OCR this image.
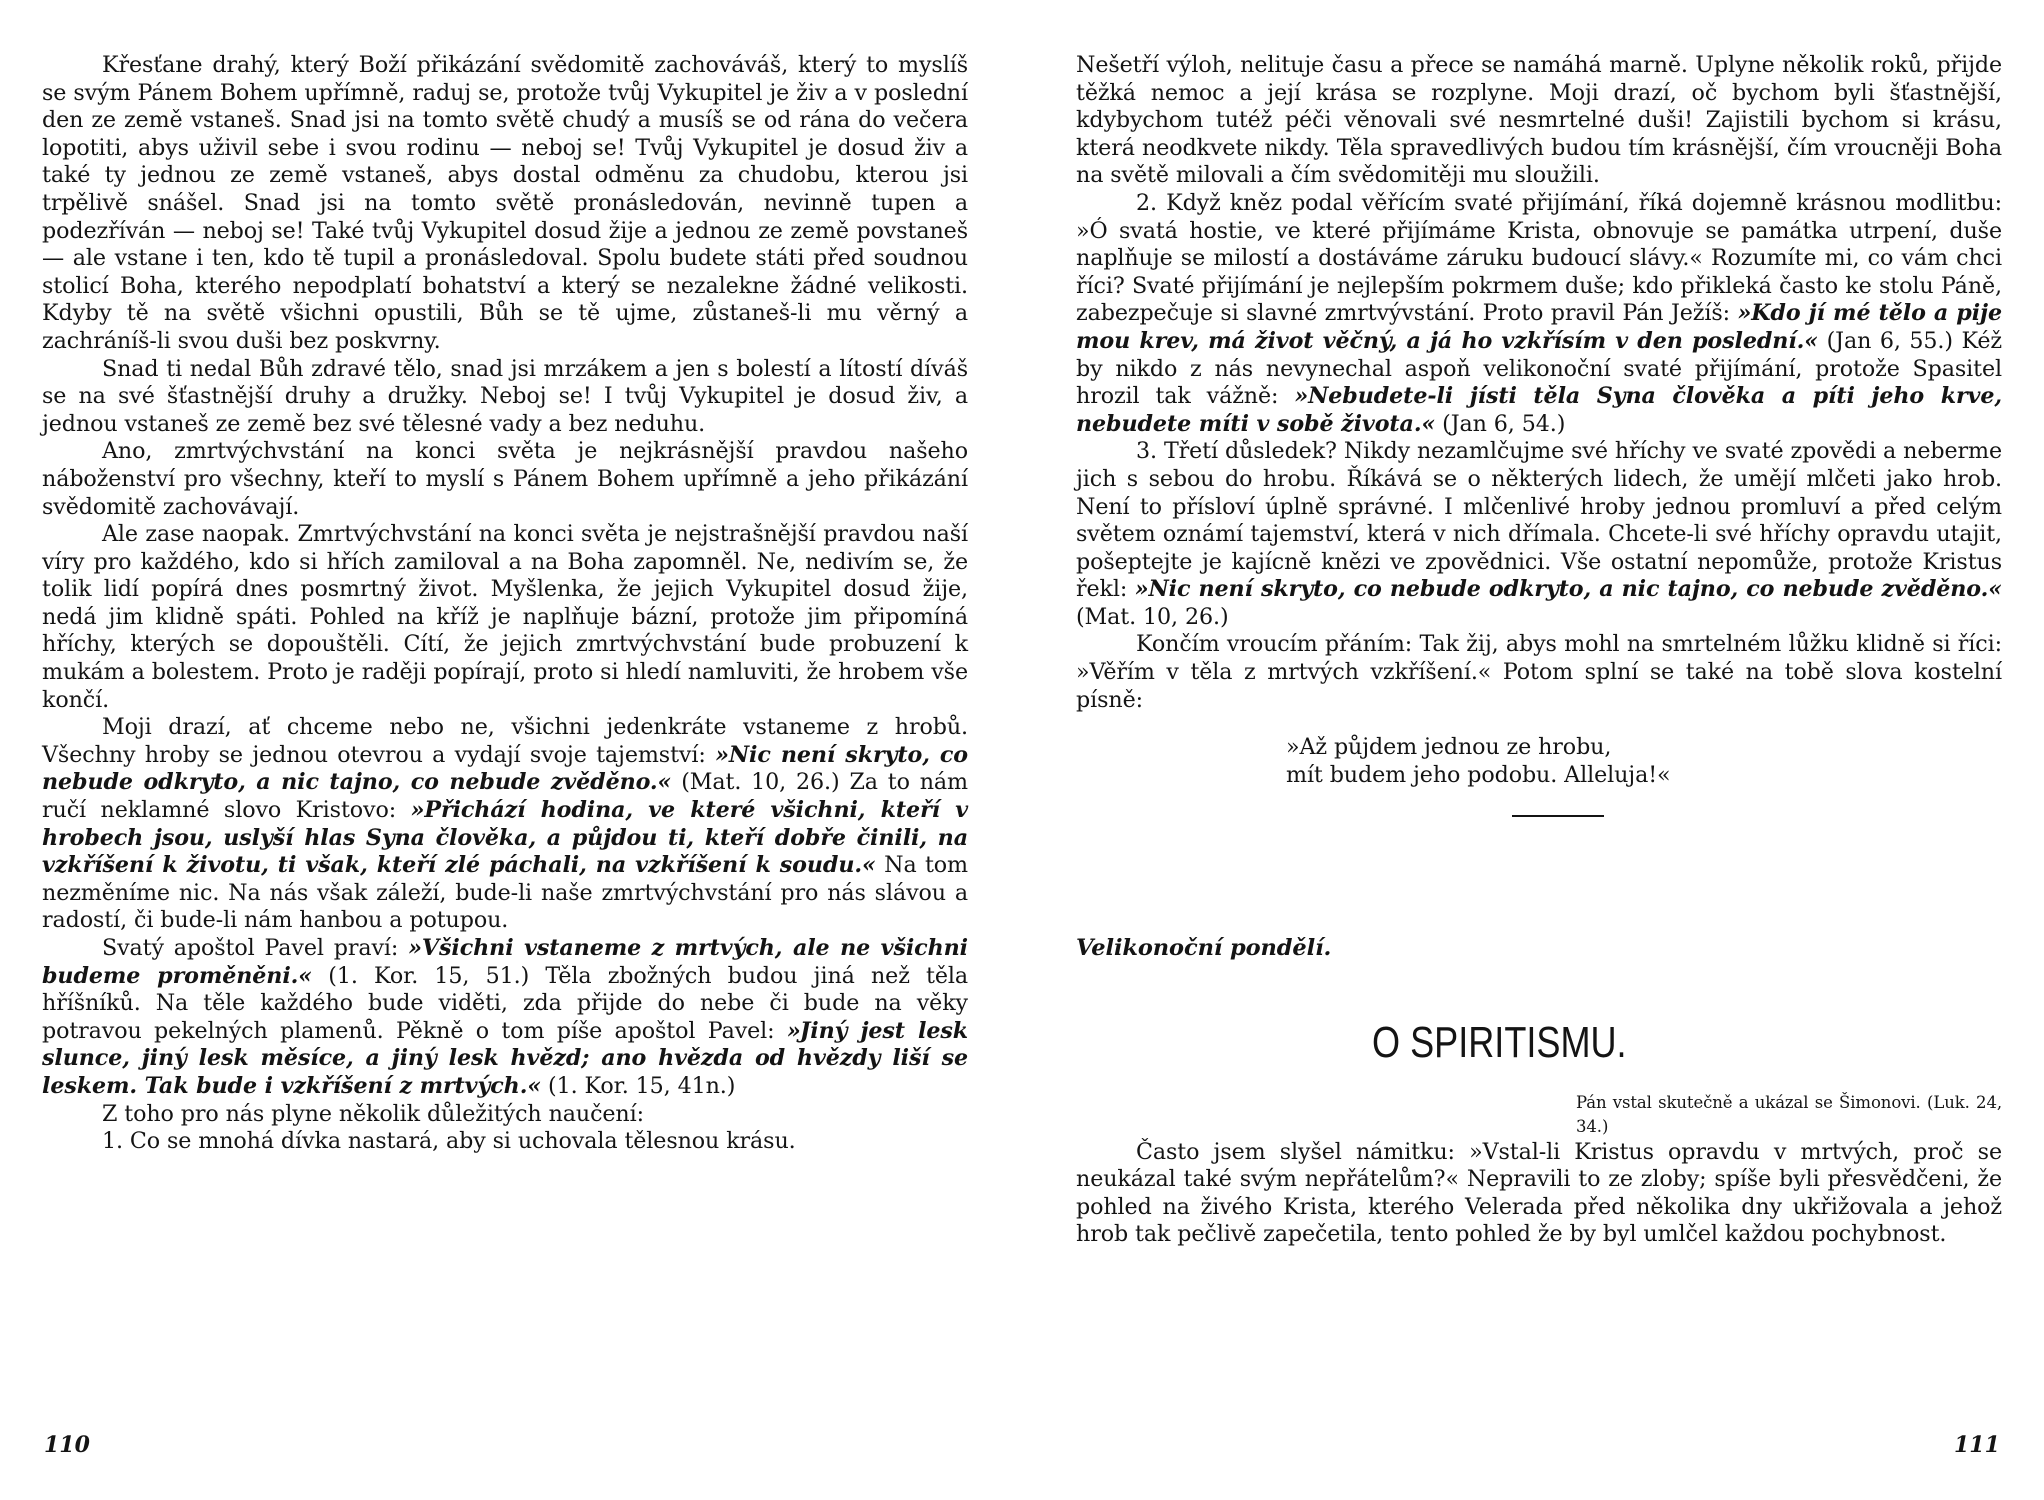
Křesťane drahý, který Boží přikázání svědomitě zachováváš, který to myslíš se svým Pánem Bohem upřímně, raduj se, protože tvůj Vykupitel je živ a v poslední den ze země vstaneš. Snad jsi na tomto světě chudý a musíš se od rána do večera lopotiti, abys uživil sebe i svou rodinu — neboj se! Tvůj Vykupitel je dosud živ a také ty jednou ze země vstaneš, abys dostal odměnu za chudobu, kterou jsi trpělivě snášel. Snad jsi na tomto světě pronásledován, nevinně tupen a podezříván — neboj se! Také tvůj Vykupitel dosud žije a jednou ze země povstaneš — ale vstane i ten, kdo tě tupil a pronásledoval. Spolu budete státi před soudnou stolicí Boha, kterého nepodplatí bohatství a který se nezalekne žádné velikosti. Kdyby tě na světě všichni opustili, Bůh se tě ujme, zůstaneš-li mu věrný a zachráníš-li svou duši bez poskvrny.

Snad ti nedal Bůh zdravé tělo, snad jsi mrzákem a jen s bolestí a lítostí díváš se na své šťastnější druhy a družky. Neboj se! I tvůj Vykupitel je dosud živ, a jednou vstaneš ze země bez své tělesné vady a bez neduhu.

Ano, zmrtvýchvstání na konci světa je nejkrásnější pravdou našeho náboženství pro všechny, kteří to myslí s Pánem Bohem upřímně a jeho přikázání svědomitě zachovávají.

Ale zase naopak. Zmrtvýchvstání na konci světa je nejstrašnější pravdou naší víry pro každého, kdo si hřích zamiloval a na Boha zapomněl. Ne, nedivím se, že tolik lidí popírá dnes posmrtný život. Myšlenka, že jejich Vykupitel dosud žije, nedá jim klidně spáti. Pohled na kříž je naplňuje bázní, protože jim připomíná hříchy, kterých se dopouštěli. Cítí, že jejich zmrtvýchvstání bude probuzení k mukám a bolestem. Proto je raději popírají, proto si hledí namluviti, že hrobem vše končí.

Moji drazí, ať chceme nebo ne, všichni jedenkráte vstaneme z hrobů. Všechny hroby se jednou otevrou a vydají svoje tajemství: »Nic není skryto, co nebude odkryto, a nic tajno, co nebude zvěděno.« (Mat. 10, 26.) Za to nám ručí neklamné slovo Kristovo: »Přichází hodina, ve které všichni, kteří v hrobech jsou, uslyší hlas Syna člověka, a půjdou ti, kteří dobře činili, na vzkříšení k životu, ti však, kteří zlé páchali, na vzkříšení k soudu.« Na tom nezměníme nic. Na nás však záleží, bude-li naše zmrtvýchvstání pro nás slávou a radostí, či bude-li nám hanbou a potupou.

Svatý apoštol Pavel praví: »Všichni vstaneme z mrtvých, ale ne všichni budeme proměněni.« (1. Kor. 15, 51.) Těla zbožných budou jiná než těla hříšníků. Na těle každého bude viděti, zda přijde do nebe či bude na věky potravou pekelných plamenů. Pěkně o tom píše apoštol Pavel: »Jiný jest lesk slunce, jiný lesk měsíce, a jiný lesk hvězd; ano hvězda od hvězdy liší se leskem. Tak bude i vzkříšení z mrtvých.« (1. Kor. 15, 41n.)

Z toho pro nás plyne několik důležitých naučení:

1. Co se mnohá dívka nastará, aby si uchovala tělesnou krásu.

Nešetří výloh, nelituje času a přece se namáhá marně. Uplyne několik roků, přijde těžká nemoc a její krása se rozplyne. Moji drazí, oč bychom byli šťastnější, kdybychom tutéž péči věnovali své nesmrtelné duši! Zajistili bychom si krásu, která neodkvete nikdy. Těla spravedlivých budou tím krásnější, čím vroucněji Boha na světě milovali a čím svědomitěji mu sloužili.

2. Když kněz podal věřícím svaté přijímání, říká dojemně krásnou modlitbu: »Ó svatá hostie, ve které přijímáme Krista, obnovuje se památka utrpení, duše naplňuje se milostí a dostáváme záruku budoucí slávy.« Rozumíte mi, co vám chci říci? Svaté přijímání je nejlepším pokrmem duše; kdo přikleká často ke stolu Páně, zabezpečuje si slavné zmrtvývstání. Proto pravil Pán Ježíš: »Kdo jí mé tělo a pije mou krev, má život věčný, a já ho vzkřísím v den poslední.« (Jan 6, 55.) Kéž by nikdo z nás nevynechal aspoň velikonoční svaté přijímání, protože Spasitel hrozil tak vážně: »Nebudete-li jísti těla Syna člověka a píti jeho krve, nebudete míti v sobě života.« (Jan 6, 54.)

3. Třetí důsledek? Nikdy nezamlčujme své hříchy ve svaté zpovědi a neberme jich s sebou do hrobu. Říkává se o některých lidech, že umějí mlčeti jako hrob. Není to přísloví úplně správné. I mlčenlivé hroby jednou promluví a před celým světem oznámí tajemství, která v nich dřímala. Chcete-li své hříchy opravdu utajit, pošeptejte je kajícně knězi ve zpovědnici. Vše ostatní nepomůže, protože Kristus řekl: »Nic není skryto, co nebude odkryto, a nic tajno, co nebude zvěděno.« (Mat. 10, 26.)

Končím vroucím přáním: Tak žij, abys mohl na smrtelném lůžku klidně si říci: »Věřím v těla z mrtvých vzkříšení.« Potom splní se také na tobě slova kostelní písně:

»Až půjdem jednou ze hrobu,
mít budem jeho podobu. Alleluja!«
Velikonoční pondělí.
O SPIRITISMU.
Pán vstal skutečně a ukázal se Šimonovi. (Luk. 24, 34.)

Často jsem slyšel námitku: »Vstal-li Kristus opravdu v mrtvých, proč se neukázal také svým nepřátelům?« Nepravili to ze zloby; spíše byli přesvědčeni, že pohled na živého Krista, kterého Velerada před několika dny ukřižovala a jehož hrob tak pečlivě zapečetila, tento pohled že by byl umlčel každou pochybnost.

110	111
